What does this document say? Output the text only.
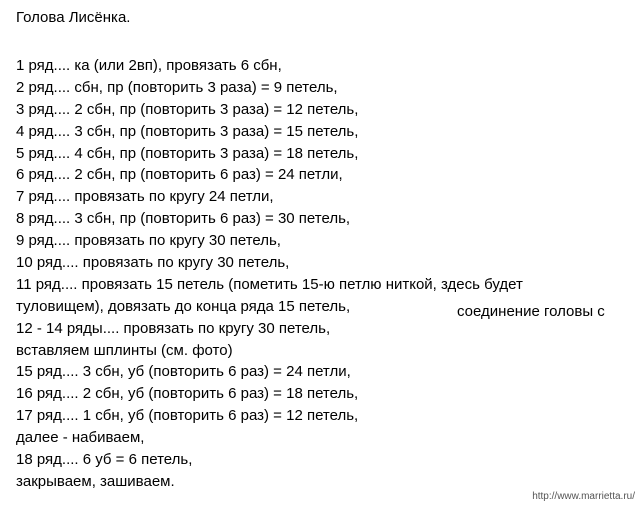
Голова Лисёнка.
1 ряд.... ка (или 2вп), провязать 6 сбн,
2 ряд.... сбн, пр (повторить 3 раза) = 9 петель,
3 ряд.... 2 сбн, пр (повторить 3 раза) = 12 петель,
4 ряд.... 3 сбн, пр (повторить 3 раза) = 15 петель,
5 ряд.... 4 сбн, пр (повторить 3 раза) = 18 петель,
6 ряд.... 2 сбн, пр (повторить 6 раз) = 24 петли,
7 ряд.... провязать по кругу 24 петли,
8 ряд.... 3 сбн, пр (повторить 6 раз) = 30 петель,
9 ряд.... провязать по кругу 30 петель,
10 ряд.... провязать по кругу 30 петель,
11 ряд.... провязать 15 петель (пометить 15-ю петлю ниткой, здесь будет
туловищем), довязать до конца ряда 15 петель,
12 - 14 ряды.... провязать по кругу 30 петель,
вставляем шплинты (см. фото)
15 ряд.... 3 сбн, уб (повторить 6 раз) = 24 петли,
16 ряд.... 2 сбн, уб (повторить 6 раз) = 18 петель,
17 ряд.... 1 сбн, уб (повторить 6 раз) = 12 петель,
далее - набиваем,
18 ряд.... 6 уб = 6 петель,
закрываем, зашиваем.
соединение головы с
http://www.marrietta.ru/
